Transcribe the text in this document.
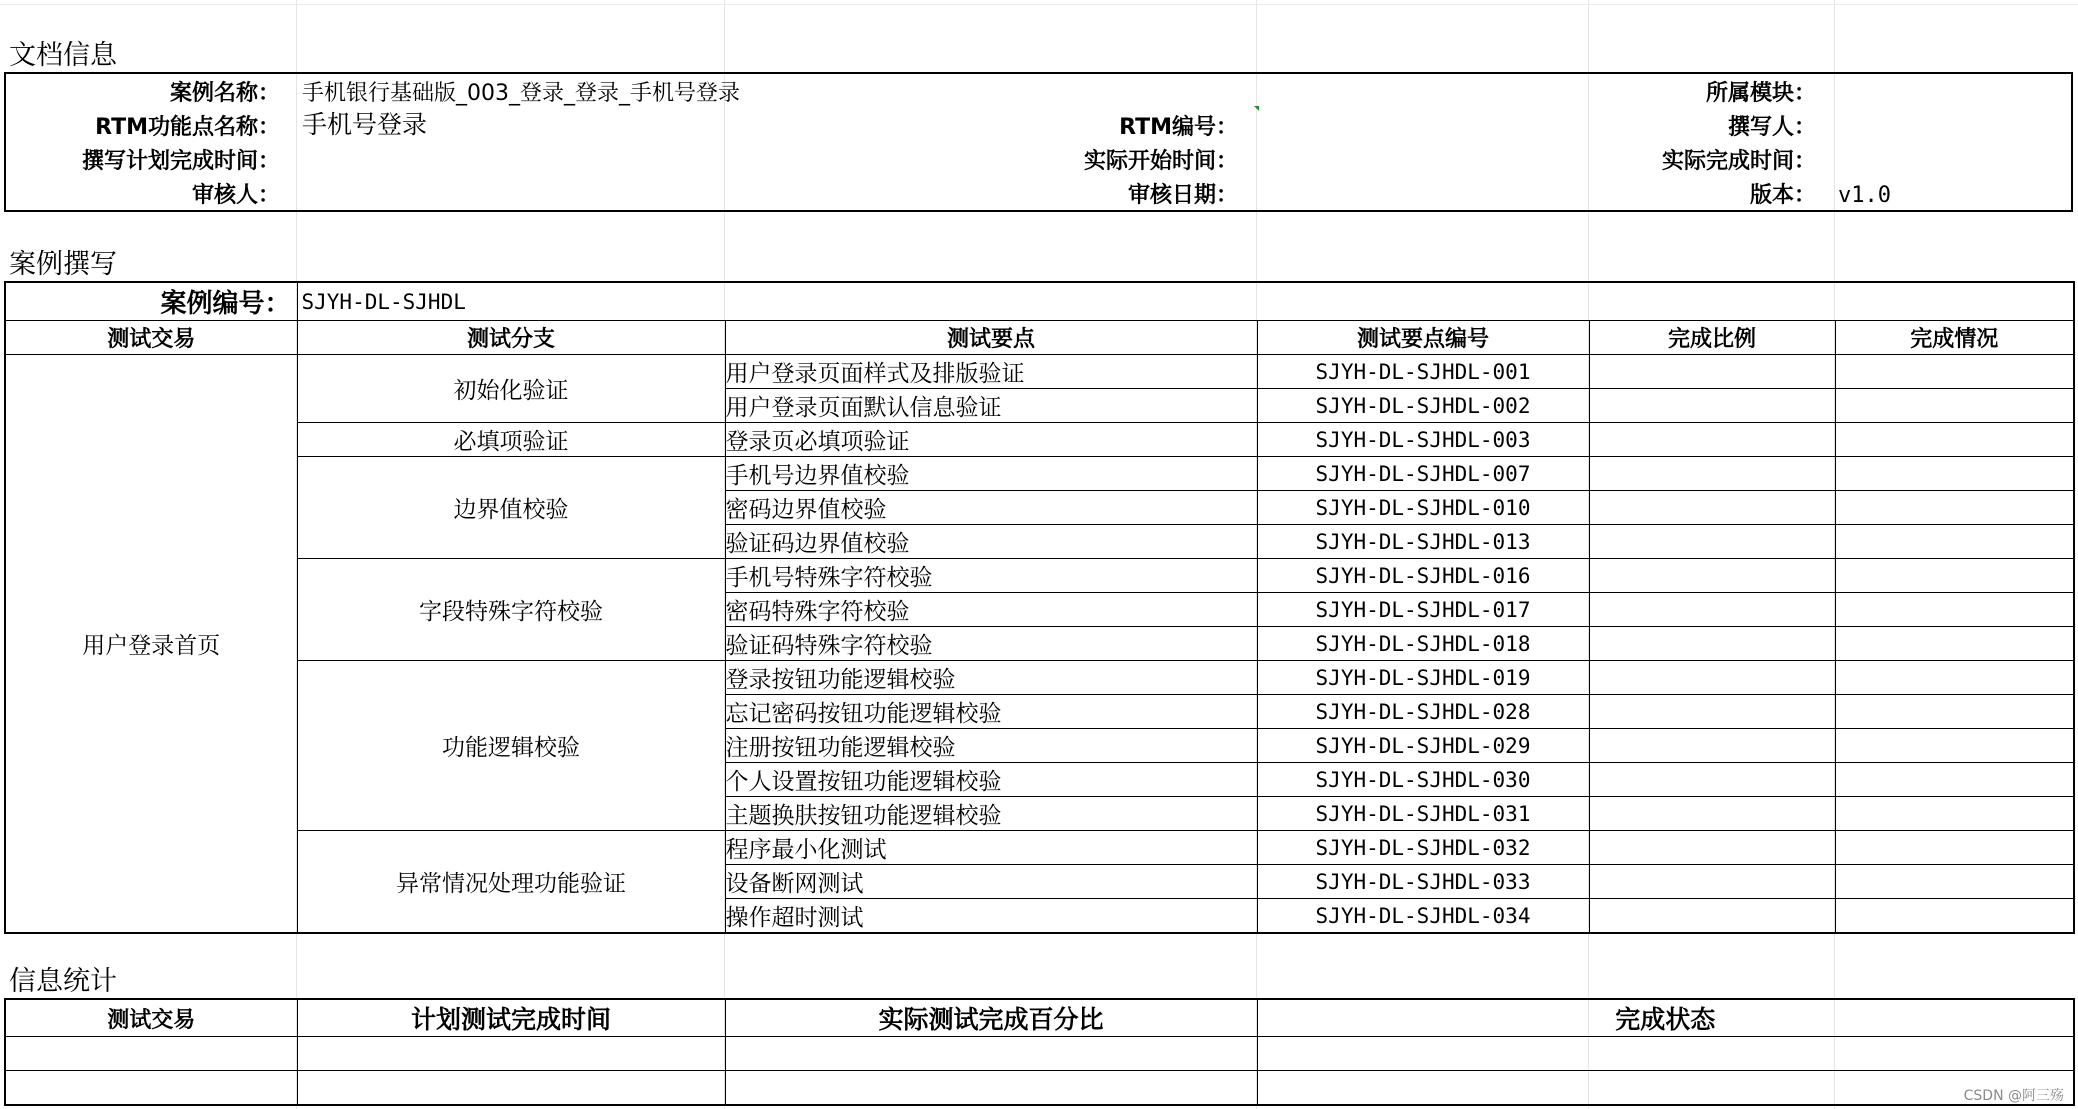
文档信息
案例名称： 手机银行基础版_003_登录_登录_手机号登录	所属模块：
RTM功能点名称： 手机号登录	RTM编号：	撰写人：
撰写计划完成时间：	实际开始时间：	实际完成时间：
审核人：	审核日期：	版本： v1.0
案例撰写
案例编号：	SJYH-DL-SJHDL				
测试交易	测试分支	测试要点	测试要点编号	完成比例	完成情况
用户登录首页	初始化验证	用户登录页面样式及排版验证	SJYH-DL-SJHDL-001		
		用户登录页面默认信息验证	SJYH-DL-SJHDL-002		
	必填项验证	登录页必填项验证	SJYH-DL-SJHDL-003		
	边界值校验	手机号边界值校验	SJYH-DL-SJHDL-007		
		密码边界值校验	SJYH-DL-SJHDL-010		
		验证码边界值校验	SJYH-DL-SJHDL-013		
	字段特殊字符校验	手机号特殊字符校验	SJYH-DL-SJHDL-016		
		密码特殊字符校验	SJYH-DL-SJHDL-017		
		验证码特殊字符校验	SJYH-DL-SJHDL-018		
	功能逻辑校验	登录按钮功能逻辑校验	SJYH-DL-SJHDL-019		
		忘记密码按钮功能逻辑校验	SJYH-DL-SJHDL-028		
		注册按钮功能逻辑校验	SJYH-DL-SJHDL-029		
		个人设置按钮功能逻辑校验	SJYH-DL-SJHDL-030		
		主题换肤按钮功能逻辑校验	SJYH-DL-SJHDL-031		
	异常情况处理功能验证	程序最小化测试	SJYH-DL-SJHDL-032		
		设备断网测试	SJYH-DL-SJHDL-033		
		操作超时测试	SJYH-DL-SJHDL-034		
信息统计
测试交易	计划测试完成时间	实际测试完成百分比	完成状态

CSDN @阿三殇
